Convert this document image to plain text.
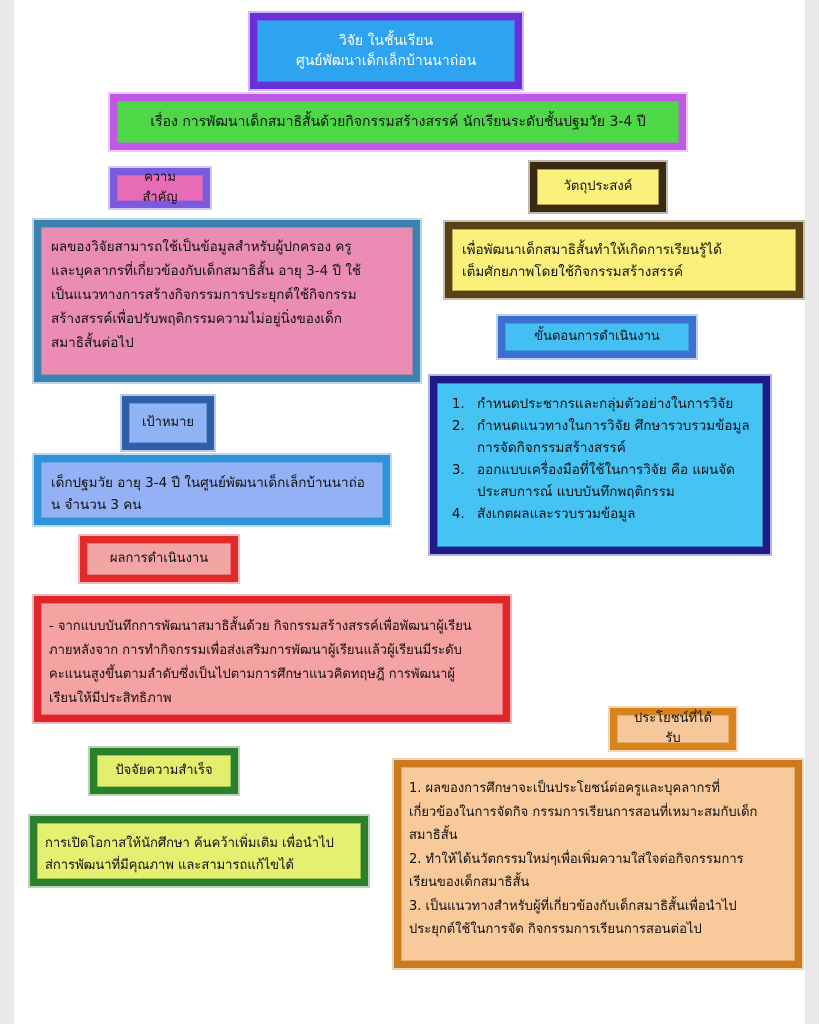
วิจัย ในชั้นเรียน
ศูนย์พัฒนาเด็กเล็กบ้านนาถ่อน
เรื่อง การพัฒนาเด็กสมาธิสั้นด้วยกิจกรรมสร้างสรรค์ นักเรียนระดับชั้นปฐมวัย 3-4 ปี
ความสำคัญ
วัตถุประสงค์
ผลของวิจัยสามารถใช้เป็นข้อมูลสำหรับผู้ปกครอง ครู
และบุคลากรที่เกี่ยวข้องกับเด็กสมาธิสั้น อายุ 3-4 ปี ใช้
เป็นแนวทางการสร้างกิจกรรมการประยุกต์ใช้กิจกรรม
สร้างสรรค์เพื่อปรับพฤติกรรมความไม่อยู่นิ่งของเด็ก
สมาธิสั้นต่อไป
เพื่อพัฒนาเด็กสมาธิสั้นทำให้เกิดการเรียนรู้ได้
เต็มศักยภาพโดยใช้กิจกรรมสร้างสรรค์
ขั้นตอนการดำเนินงาน
1. กำหนดประชากรและกลุ่มตัวอย่างในการวิจัย
2. กำหนดแนวทางในการวิจัย ศึกษารวบรวมข้อมูล
การจัดกิจกรรมสร้างสรรค์
3. ออกแบบเครื่องมือที่ใช้ในการวิจัย คือ แผนจัด
ประสบการณ์ แบบบันทึกพฤติกรรม
4. สังเกตผลและรวบรวมข้อมูล
เป้าหมาย
เด็กปฐมวัย อายุ 3-4 ปี ในศูนย์พัฒนาเด็กเล็กบ้านนาถ่อ
น จำนวน 3 คน
ผลการดำเนินงาน
- จากแบบบันทึกการพัฒนาสมาธิสั้นด้วย กิจกรรมสร้างสรรค์เพื่อพัฒนาผู้เรียน
ภายหลังจาก การทำกิจกรรมเพื่อส่งเสริมการพัฒนาผู้เรียนแล้วผู้เรียนมีระดับ
คะแนนสูงขึ้นตามลำดับซึ่งเป็นไปตามการศึกษาแนวคิดทฤษฎี การพัฒนาผู้
เรียนให้มีประสิทธิภาพ
ประโยชน์ที่ได้รับ
ปัจจัยความสำเร็จ
1. ผลของการศึกษาจะเป็นประโยชน์ต่อครูและบุคลากรที่
เกี่ยวข้องในการจัดกิจ กรรมการเรียนการสอนที่เหมาะสมกับเด็ก
สมาธิสั้น
2. ทำให้ได้นวัตกรรมใหม่ๆเพื่อเพิ่มความใส่ใจต่อกิจกรรมการ
เรียนของเด็กสมาธิสั้น
3. เป็นแนวทางสำหรับผู้ที่เกี่ยวข้องกับเด็กสมาธิสั้นเพื่อนำไป
ประยุกต์ใช้ในการจัด กิจกรรมการเรียนการสอนต่อไป
การเปิดโอกาสให้นักศึกษา ค้นคว้าเพิ่มเติม เพื่อนำไป
ส่การพัฒนาที่มีคุณภาพ และสามารถแก้ไขได้
